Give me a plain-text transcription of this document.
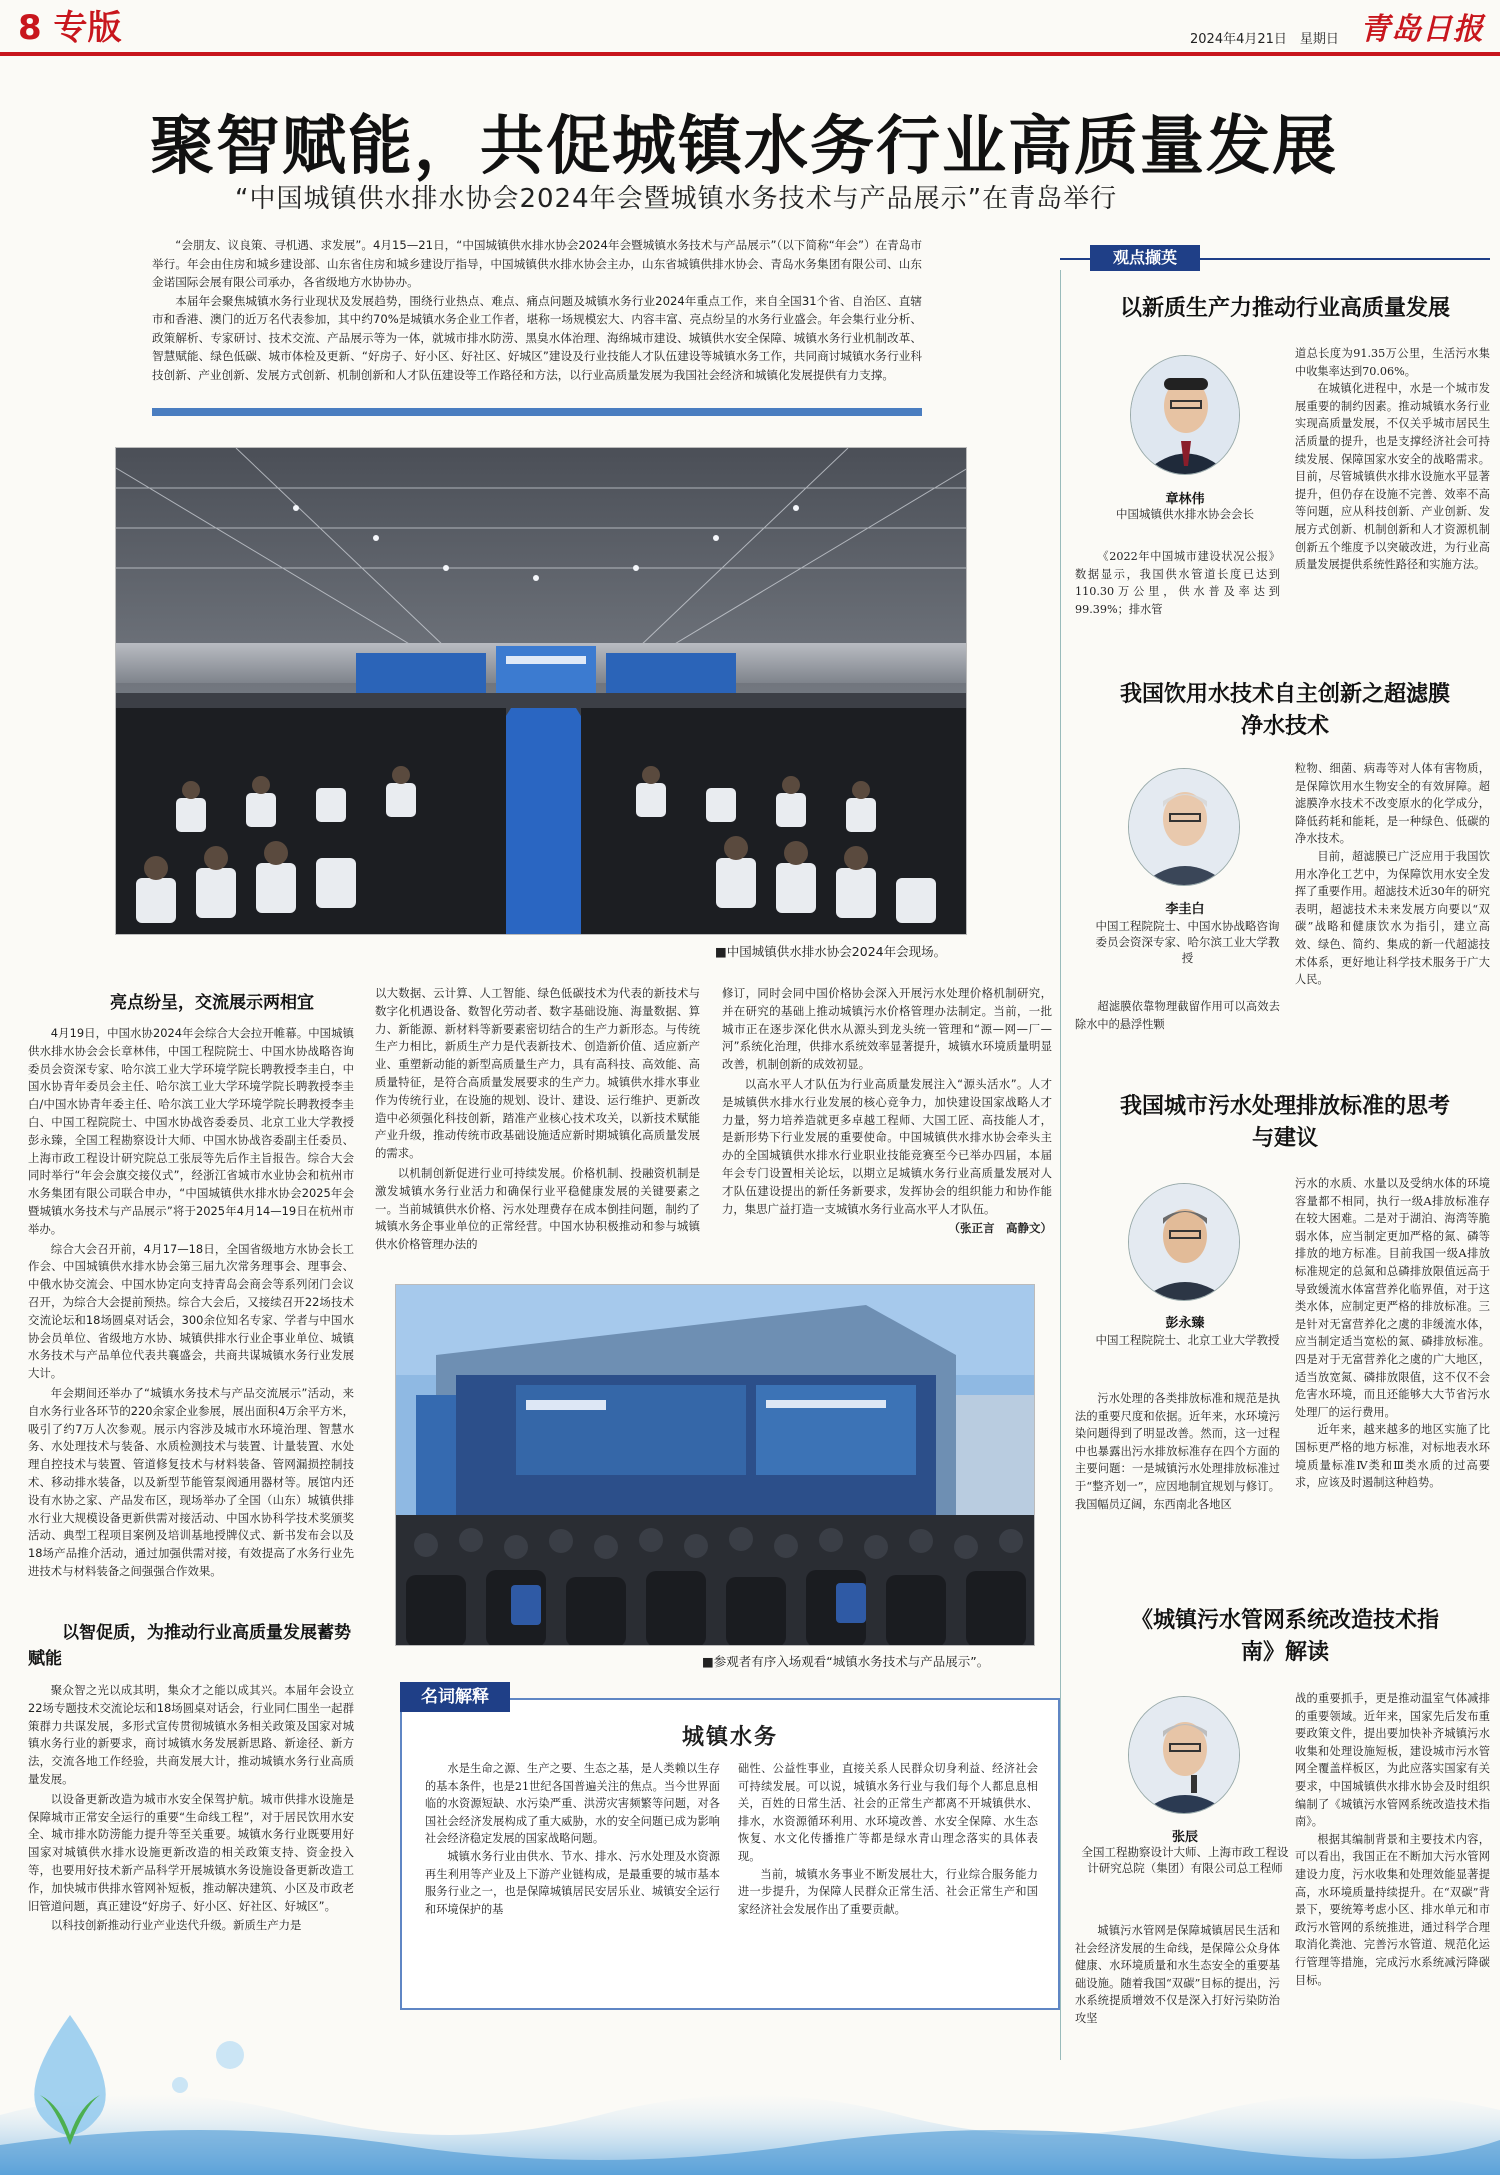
8 专版	2024年4月21日　星期日 青岛日报
聚智赋能，共促城镇水务行业高质量发展
“中国城镇供水排水协会2024年会暨城镇水务技术与产品展示”在青岛举行

“会朋友、议良策、寻机遇、求发展”。4月15—21日，“中国城镇供水排水协会2024年会暨城镇水务技术与产品展示”（以下简称“年会”）在青岛市举行。年会由住房和城乡建设部、山东省住房和城乡建设厅指导，中国城镇供水排水协会主办，山东省城镇供排水协会、青岛水务集团有限公司、山东金诺国际会展有限公司承办，各省级地方水协协办。

本届年会聚焦城镇水务行业现状及发展趋势，围绕行业热点、难点、痛点问题及城镇水务行业2024年重点工作，来自全国31个省、自治区、直辖市和香港、澳门的近万名代表参加，其中约70%是城镇水务企业工作者，堪称一场规模宏大、内容丰富、亮点纷呈的水务行业盛会。年会集行业分析、政策解析、专家研讨、技术交流、产品展示等为一体，就城市排水防涝、黑臭水体治理、海绵城市建设、城镇供水安全保障、城镇水务行业机制改革、智慧赋能、绿色低碳、城市体检及更新、“好房子、好小区、好社区、好城区”建设及行业技能人才队伍建设等城镇水务工作，共同商讨城镇水务行业科技创新、产业创新、发展方式创新、机制创新和人才队伍建设等工作路径和方法，以行业高质量发展为我国社会经济和城镇化发展提供有力支撑。

■中国城镇供水排水协会2024年会现场。
亮点纷呈，交流展示两相宜

4月19日，中国水协2024年会综合大会拉开帷幕。中国城镇供水排水协会会长章林伟，中国工程院院士、中国水协战略咨询委员会资深专家、哈尔滨工业大学环境学院长聘教授李圭白，中国水协青年委员会主任、哈尔滨工业大学环境学院长聘教授李圭白/中国水协青年委主任、哈尔滨工业大学环境学院长聘教授李圭白、中国工程院院士、中国水协战咨委委员、北京工业大学教授彭永臻，全国工程勘察设计大师、中国水协战咨委副主任委员、上海市政工程设计研究院总工张辰等先后作主旨报告。综合大会同时举行“年会会旗交接仪式”，经浙江省城市水业协会和杭州市水务集团有限公司联合申办，“中国城镇供水排水协会2025年会暨城镇水务技术与产品展示”将于2025年4月14—19日在杭州市举办。

综合大会召开前，4月17—18日，全国省级地方水协会长工作会、中国城镇供水排水协会第三届九次常务理事会、理事会、中俄水协交流会、中国水协定向支持青岛会商会等系列闭门会议召开，为综合大会提前预热。综合大会后，又接续召开22场技术交流论坛和18场圆桌对话会，300余位知名专家、学者与中国水协会员单位、省级地方水协、城镇供排水行业企事业单位、城镇水务技术与产品单位代表共襄盛会，共商共谋城镇水务行业发展大计。

年会期间还举办了“城镇水务技术与产品交流展示”活动，来自水务行业各环节的220余家企业参展，展出面积4万余平方米，吸引了约7万人次参观。展示内容涉及城市水环境治理、智慧水务、水处理技术与装备、水质检测技术与装置、计量装置、水处理自控技术与装置、管道修复技术与材料装备、管网漏损控制技术、移动排水装备，以及新型节能管泵阀通用器材等。展馆内还设有水协之家、产品发布区，现场举办了全国（山东）城镇供排水行业大规模设备更新供需对接活动、中国水协科学技术奖颁奖活动、典型工程项目案例及培训基地授牌仪式、新书发布会以及18场产品推介活动，通过加强供需对接，有效提高了水务行业先进技术与材料装备之间强强合作效果。

以智促质，为推动行业高质量发展蓄势赋能

聚众智之光以成其明，集众才之能以成其兴。本届年会设立22场专题技术交流论坛和18场圆桌对话会，行业同仁围坐一起群策群力共谋发展，多形式宣传贯彻城镇水务相关政策及国家对城镇水务行业的新要求，商讨城镇水务发展新思路、新途径、新方法，交流各地工作经验，共商发展大计，推动城镇水务行业高质量发展。

以设备更新改造为城市水安全保驾护航。城市供排水设施是保障城市正常安全运行的重要“生命线工程”，对于居民饮用水安全、城市排水防涝能力提升等至关重要。城镇水务行业既要用好国家对城镇供水排水设施更新改造的相关政策支持、资金投入等，也要用好技术新产品科学开展城镇水务设施设备更新改造工作，加快城市供排水管网补短板，推动解决建筑、小区及市政老旧管道问题，真正建设“好房子、好小区、好社区、好城区”。

以科技创新推动行业产业迭代升级。新质生产力是

以大数据、云计算、人工智能、绿色低碳技术为代表的新技术与数字化机遇设备、数智化劳动者、数字基础设施、海量数据、算力、新能源、新材料等新要素密切结合的生产力新形态。与传统生产力相比，新质生产力是代表新技术、创造新价值、适应新产业、重塑新动能的新型高质量生产力，具有高科技、高效能、高质量特征，是符合高质量发展要求的生产力。城镇供水排水事业作为传统行业，在设施的规划、设计、建设、运行维护、更新改造中必须强化科技创新，踏准产业核心技术攻关，以新技术赋能产业升级，推动传统市政基础设施适应新时期城镇化高质量发展的需求。

以机制创新促进行业可持续发展。价格机制、投融资机制是激发城镇水务行业活力和确保行业平稳健康发展的关键要素之一。当前城镇供水价格、污水处理费存在成本倒挂问题，制约了城镇水务企事业单位的正常经营。中国水协积极推动和参与城镇供水价格管理办法的

修订，同时会同中国价格协会深入开展污水处理价格机制研究，并在研究的基础上推动城镇污水价格管理办法制定。当前，一批城市正在逐步深化供水从源头到龙头统一管理和“源—网—厂—河”系统化治理，供排水系统效率显著提升，城镇水环境质量明显改善，机制创新的成效初显。

以高水平人才队伍为行业高质量发展注入“源头活水”。人才是城镇供水排水行业发展的核心竞争力，加快建设国家战略人才力量，努力培养造就更多卓越工程师、大国工匠、高技能人才，是新形势下行业发展的重要使命。中国城镇供水排水协会牵头主办的全国城镇供水排水行业职业技能竞赛至今已举办四届，本届年会专门设置相关论坛，以期立足城镇水务行业高质量发展对人才队伍建设提出的新任务新要求，发挥协会的组织能力和协作能力，集思广益打造一支城镇水务行业高水平人才队伍。

（张正言　高静文）
■参观者有序入场观看“城镇水务技术与产品展示”。
名词解释
城镇水务

水是生命之源、生产之要、生态之基，是人类赖以生存的基本条件，也是21世纪各国普遍关注的焦点。当今世界面临的水资源短缺、水污染严重、洪涝灾害频繁等问题，对各国社会经济发展构成了重大威胁，水的安全问题已成为影响社会经济稳定发展的国家战略问题。

城镇水务行业由供水、节水、排水、污水处理及水资源再生利用等产业及上下游产业链构成，是最重要的城市基本服务行业之一，也是保障城镇居民安居乐业、城镇安全运行和环境保护的基

础性、公益性事业，直接关系人民群众切身利益、经济社会可持续发展。可以说，城镇水务行业与我们每个人都息息相关，百姓的日常生活、社会的正常生产都离不开城镇供水、排水，水资源循环利用、水环境改善、水安全保障、水生态恢复、水文化传播推广等都是绿水青山理念落实的具体表现。

当前，城镇水务事业不断发展壮大，行业综合服务能力进一步提升，为保障人民群众正常生活、社会正常生产和国家经济社会发展作出了重要贡献。

观点撷英
以新质生产力推动行业高质量发展
章林伟
中国城镇供水排水协会会长

《2022年中国城市建设状况公报》数据显示，我国供水管道长度已达到110.30万公里，供水普及率达到99.39%；排水管

道总长度为91.35万公里，生活污水集中收集率达到70.06%。

在城镇化进程中，水是一个城市发展重要的制约因素。推动城镇水务行业实现高质量发展，不仅关乎城市居民生活质量的提升，也是支撑经济社会可持续发展、保障国家水安全的战略需求。目前，尽管城镇供水排水设施水平显著提升，但仍存在设施不完善、效率不高等问题，应从科技创新、产业创新、发展方式创新、机制创新和人才资源机制创新五个维度予以突破改进，为行业高质量发展提供系统性路径和实施方法。

我国饮用水技术自主创新之超滤膜净水技术
李圭白
中国工程院院士、中国水协战略咨询委员会资深专家、哈尔滨工业大学教授

超滤膜依靠物理截留作用可以高效去除水中的悬浮性颗

粒物、细菌、病毒等对人体有害物质，是保障饮用水生物安全的有效屏障。超滤膜净水技术不改变原水的化学成分，降低药耗和能耗，是一种绿色、低碳的净水技术。

目前，超滤膜已广泛应用于我国饮用水净化工艺中，为保障饮用水安全发挥了重要作用。超滤技术近30年的研究表明，超滤技术未来发展方向要以“双碳”战略和健康饮水为指引，建立高效、绿色、简约、集成的新一代超滤技术体系，更好地让科学技术服务于广大人民。

我国城市污水处理排放标准的思考与建议
彭永臻
中国工程院院士、北京工业大学教授

污水处理的各类排放标准和规范是执法的重要尺度和依据。近年来，水环境污染问题得到了明显改善。然而，这一过程中也暴露出污水排放标准存在四个方面的主要问题：一是城镇污水处理排放标准过于“整齐划一”，应因地制宜规划与修订。我国幅员辽阔，东西南北各地区

污水的水质、水量以及受纳水体的环境容量都不相同，执行一级A排放标准存在较大困难。二是对于湖泊、海湾等脆弱水体，应当制定更加严格的氮、磷等排放的地方标准。目前我国一级A排放标准规定的总氮和总磷排放限值远高于导致缓流水体富营养化临界值，对于这类水体，应制定更严格的排放标准。三是针对无富营养化之虞的非缓流水体，应当制定适当宽松的氮、磷排放标准。四是对于无富营养化之虞的广大地区，适当放宽氮、磷排放限值，这不仅不会危害水环境，而且还能够大大节省污水处理厂的运行费用。

近年来，越来越多的地区实施了比国标更严格的地方标准，对标地表水环境质量标准Ⅳ类和Ⅲ类水质的过高要求，应该及时遏制这种趋势。

《城镇污水管网系统改造技术指南》解读
张辰
全国工程勘察设计大师、上海市政工程设计研究总院（集团）有限公司总工程师

城镇污水管网是保障城镇居民生活和社会经济发展的生命线，是保障公众身体健康、水环境质量和水生态安全的重要基础设施。随着我国“双碳”目标的提出，污水系统提质增效不仅是深入打好污染防治攻坚

战的重要抓手，更是推动温室气体减排的重要领域。近年来，国家先后发布重要政策文件，提出要加快补齐城镇污水收集和处理设施短板，建设城市污水管网全覆盖样板区，为此应落实国家有关要求，中国城镇供水排水协会及时组织编制了《城镇污水管网系统改造技术指南》。

根据其编制背景和主要技术内容，可以看出，我国正在不断加大污水管网建设力度，污水收集和处理效能显著提高，水环境质量持续提升。在“双碳”背景下，要统筹考虑小区、排水单元和市政污水管网的系统推进，通过科学合理取消化粪池、完善污水管道、规范化运行管理等措施，完成污水系统减污降碳目标。
